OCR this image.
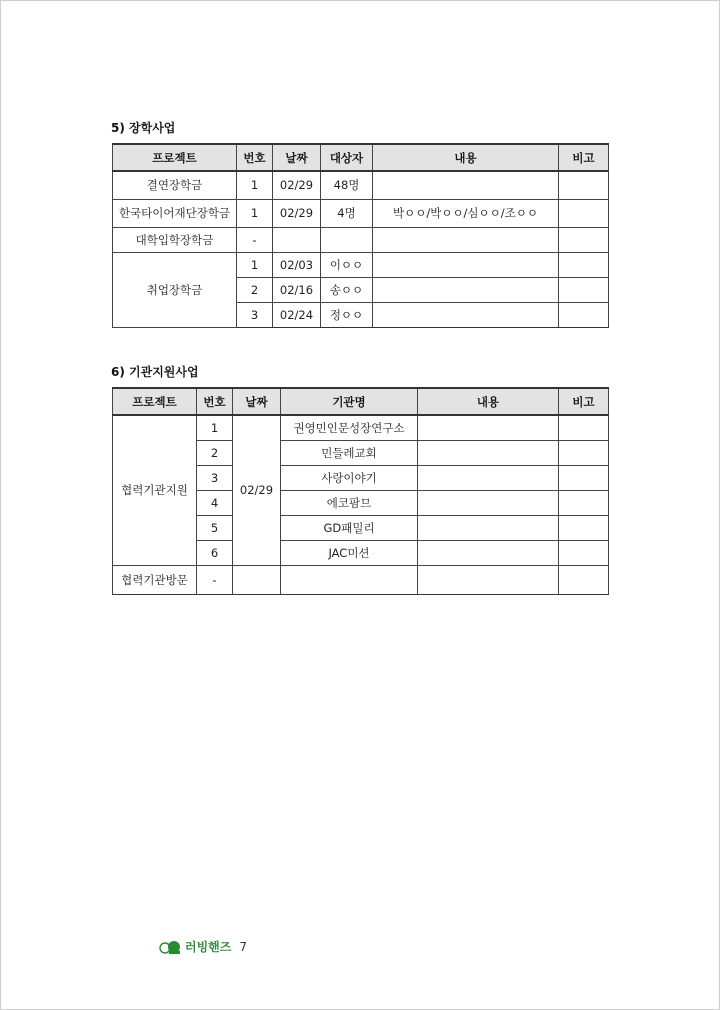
5) 장학사업
프로젝트	번호	날짜	대상자	내용	비고
결연장학금	1	02/29	48명		
한국타이어재단장학금	1	02/29	4명	박ㅇㅇ/박ㅇㅇ/심ㅇㅇ/조ㅇㅇ	
대학입학장학금	-				
취업장학금	1	02/03	이ㅇㅇ		
	2	02/16	송ㅇㅇ		
	3	02/24	정ㅇㅇ		
6) 기관지원사업
프로젝트	번호	날짜	기관명	내용	비고
협력기관지원	1	02/29	권영민인문성장연구소		
	2		민들레교회		
	3		사랑이야기		
	4		에코팜므		
	5		GD패밀리		
	6		JAC미션		
협력기관방문	-				
러빙핸즈 7
